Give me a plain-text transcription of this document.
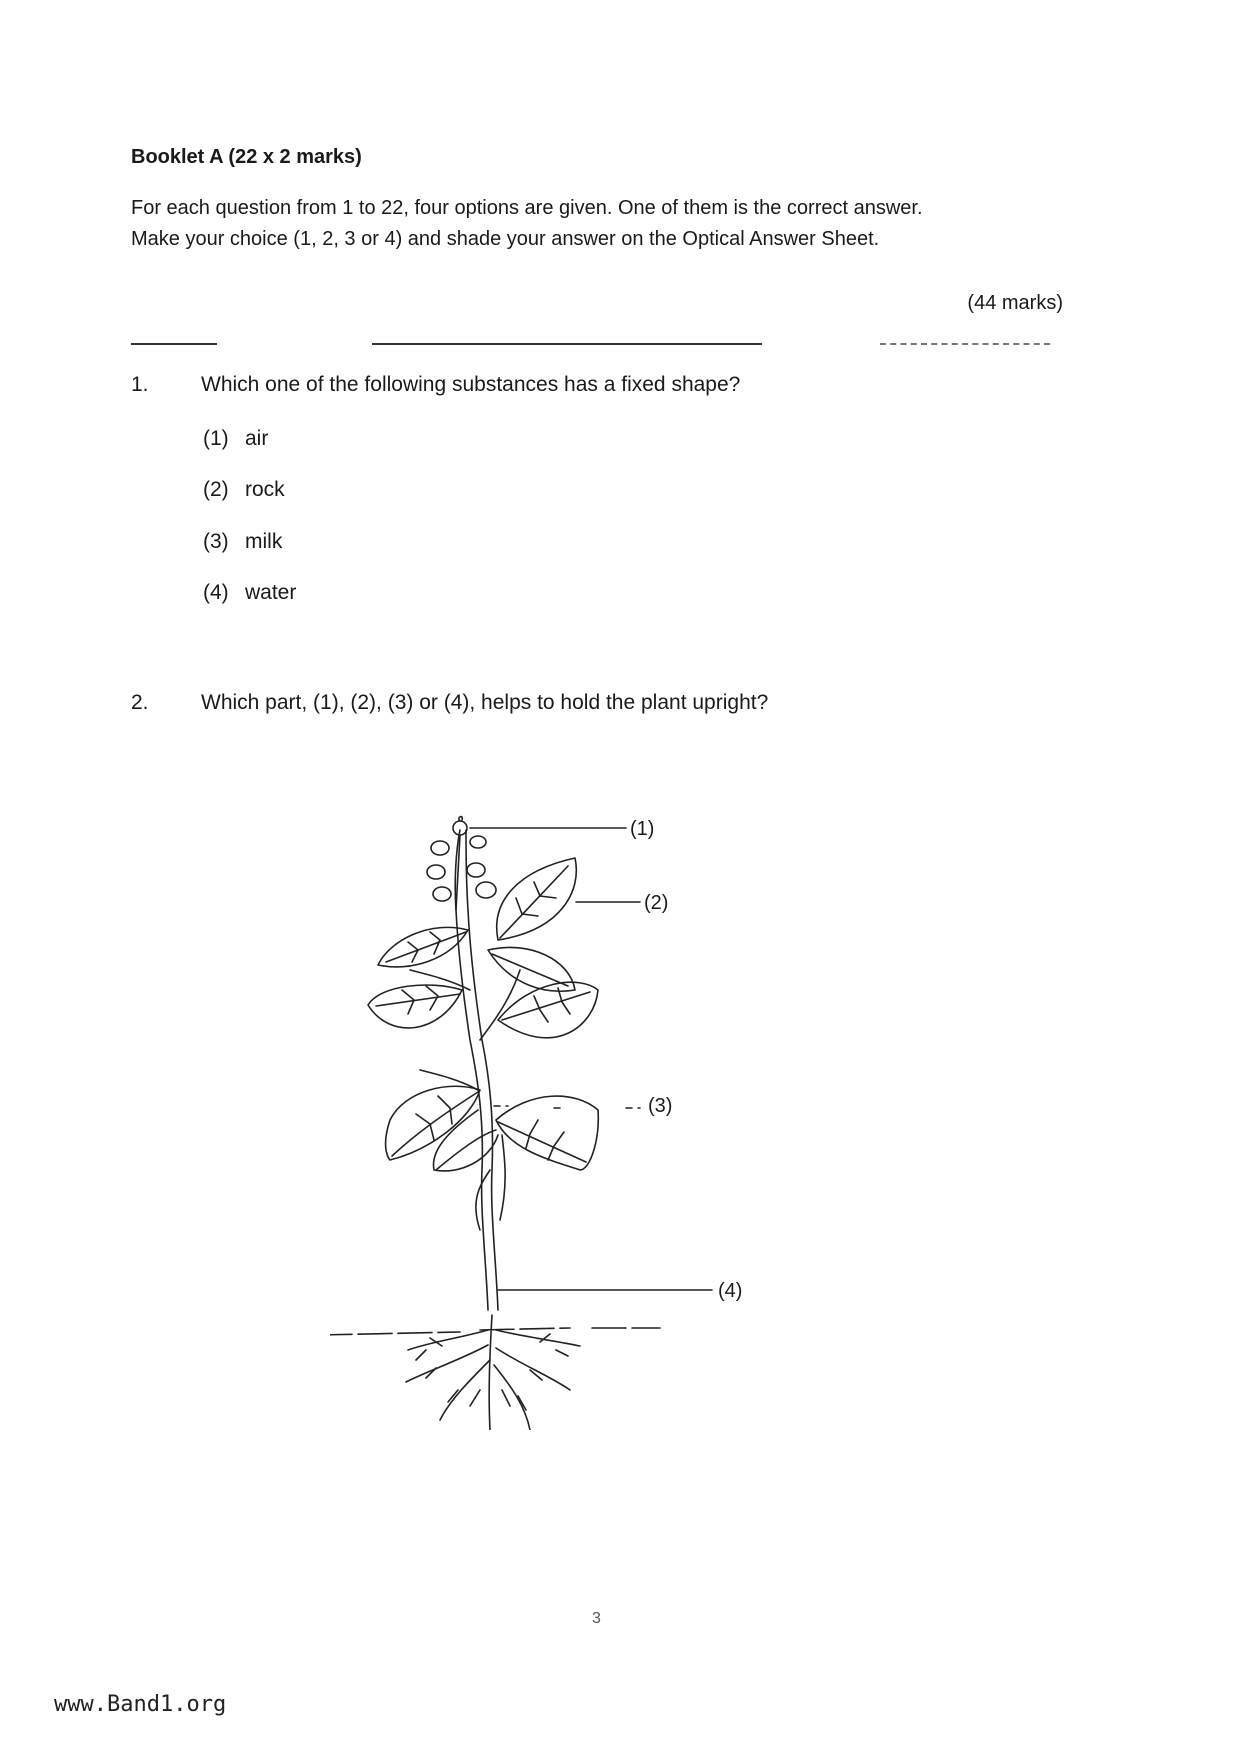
Booklet A (22 x 2 marks)
For each question from 1 to 22, four options are given. One of them is the correct answer.
Make your choice (1, 2, 3 or 4) and shade your answer on the Optical Answer Sheet.
(44 marks)
1. Which one of the following substances has a fixed shape?
(1) air
(2) rock
(3) milk
(4) water
2. Which part, (1), (2), (3) or (4), helps to hold the plant upright?
(1)
(2)
(3)
(4)
3
www.Band1.org
